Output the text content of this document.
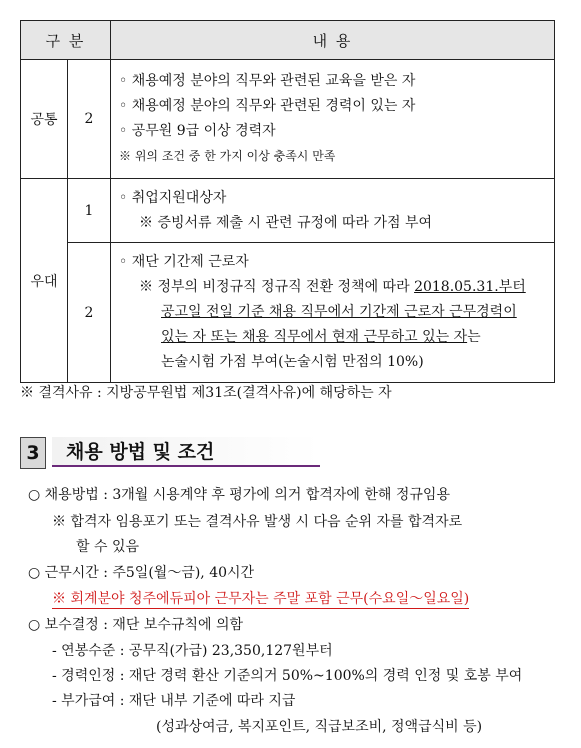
구 분		내 용
공통	2	◦ 채용예정 분야의 직무와 관련된 교육을 받은 자
◦ 채용예정 분야의 직무와 관련된 경력이 있는 자
◦ 공무원 9급 이상 경력자
※ 위의 조건 중 한 가지 이상 충족시 만족

우대	1	◦ 취업지원대상자
※ 증빙서류 제출 시 관련 규정에 따라 가점 부여

	2	◦ 재단 기간제 근로자
※ 정부의 비정규직 정규직 전환 정책에 따라 2018.05.31.부터
공고일 전일 기준 채용 직무에서 기간제 근로자 근무경력이
있는 자 또는 채용 직무에서 현재 근무하고 있는 자는
논술시험 가점 부여(논술시험 만점의 10%)
※ 결격사유 : 지방공무원법 제31조(결격사유)에 해당하는 자
3	채용 방법 및 조건
○ 채용방법 : 3개월 시용계약 후 평가에 의거 합격자에 한해 정규임용
※ 합격자 임용포기 또는 결격사유 발생 시 다음 순위 자를 합격자로
할 수 있음
○ 근무시간 : 주5일(월～금), 40시간
※ 회계분야 청주에듀피아 근무자는 주말 포함 근무(수요일～일요일)
○ 보수결정 : 재단 보수규칙에 의함
- 연봉수준 : 공무직(가급) 23,350,127원부터
- 경력인정 : 재단 경력 환산 기준의거 50%~100%의 경력 인정 및 호봉 부여
- 부가급여 : 재단 내부 기준에 따라 지급
(성과상여금, 복지포인트, 직급보조비, 정액급식비 등)
